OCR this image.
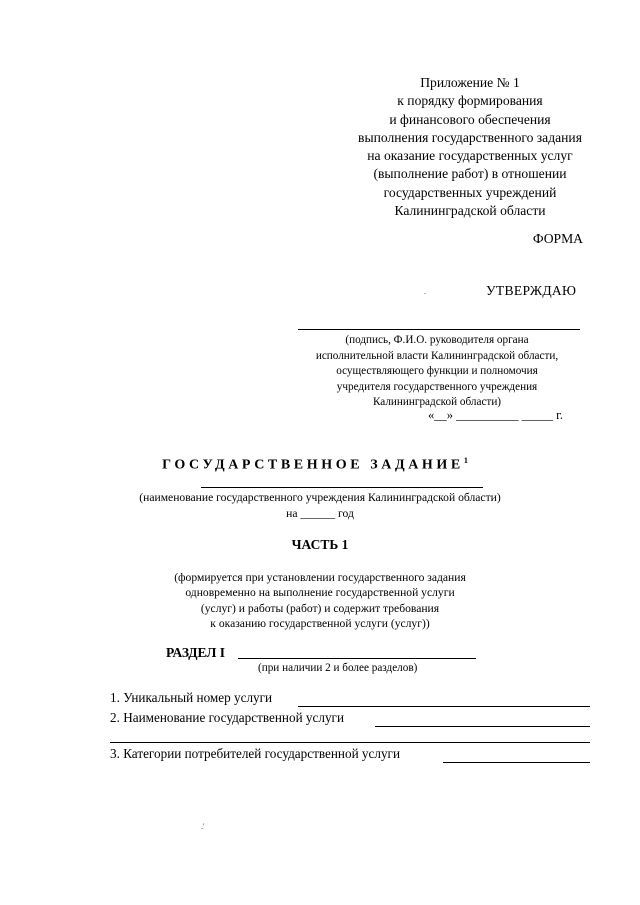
Приложение № 1
к порядку формирования
и финансового обеспечения
выполнения государственного задания
на оказание государственных услуг
(выполнение работ) в отношении
государственных учреждений
Калининградской области
ФОРМА
.	УТВЕРЖДАЮ
(подпись, Ф.И.О. руководителя органа
исполнительной власти Калининградской области,
осуществляющего функции и полномочия
учредителя государственного учреждения
Калининградской области)
«__» __________ _____ г.
ГОСУДАРСТВЕННОЕ ЗАДАНИЕ$^1$
(наименование государственного учреждения Калининградской области)
на ______ год
ЧАСТЬ 1
(формируется при установлении государственного задания
одновременно на выполнение государственной услуги
(услуг) и работы (работ) и содержит требования
к оказанию государственной услуги (услуг))
РАЗДЕЛ I
(при наличии 2 и более разделов)
1. Уникальный номер услуги
2. Наименование государственной услуги
3. Категории потребителей государственной услуги
.'
